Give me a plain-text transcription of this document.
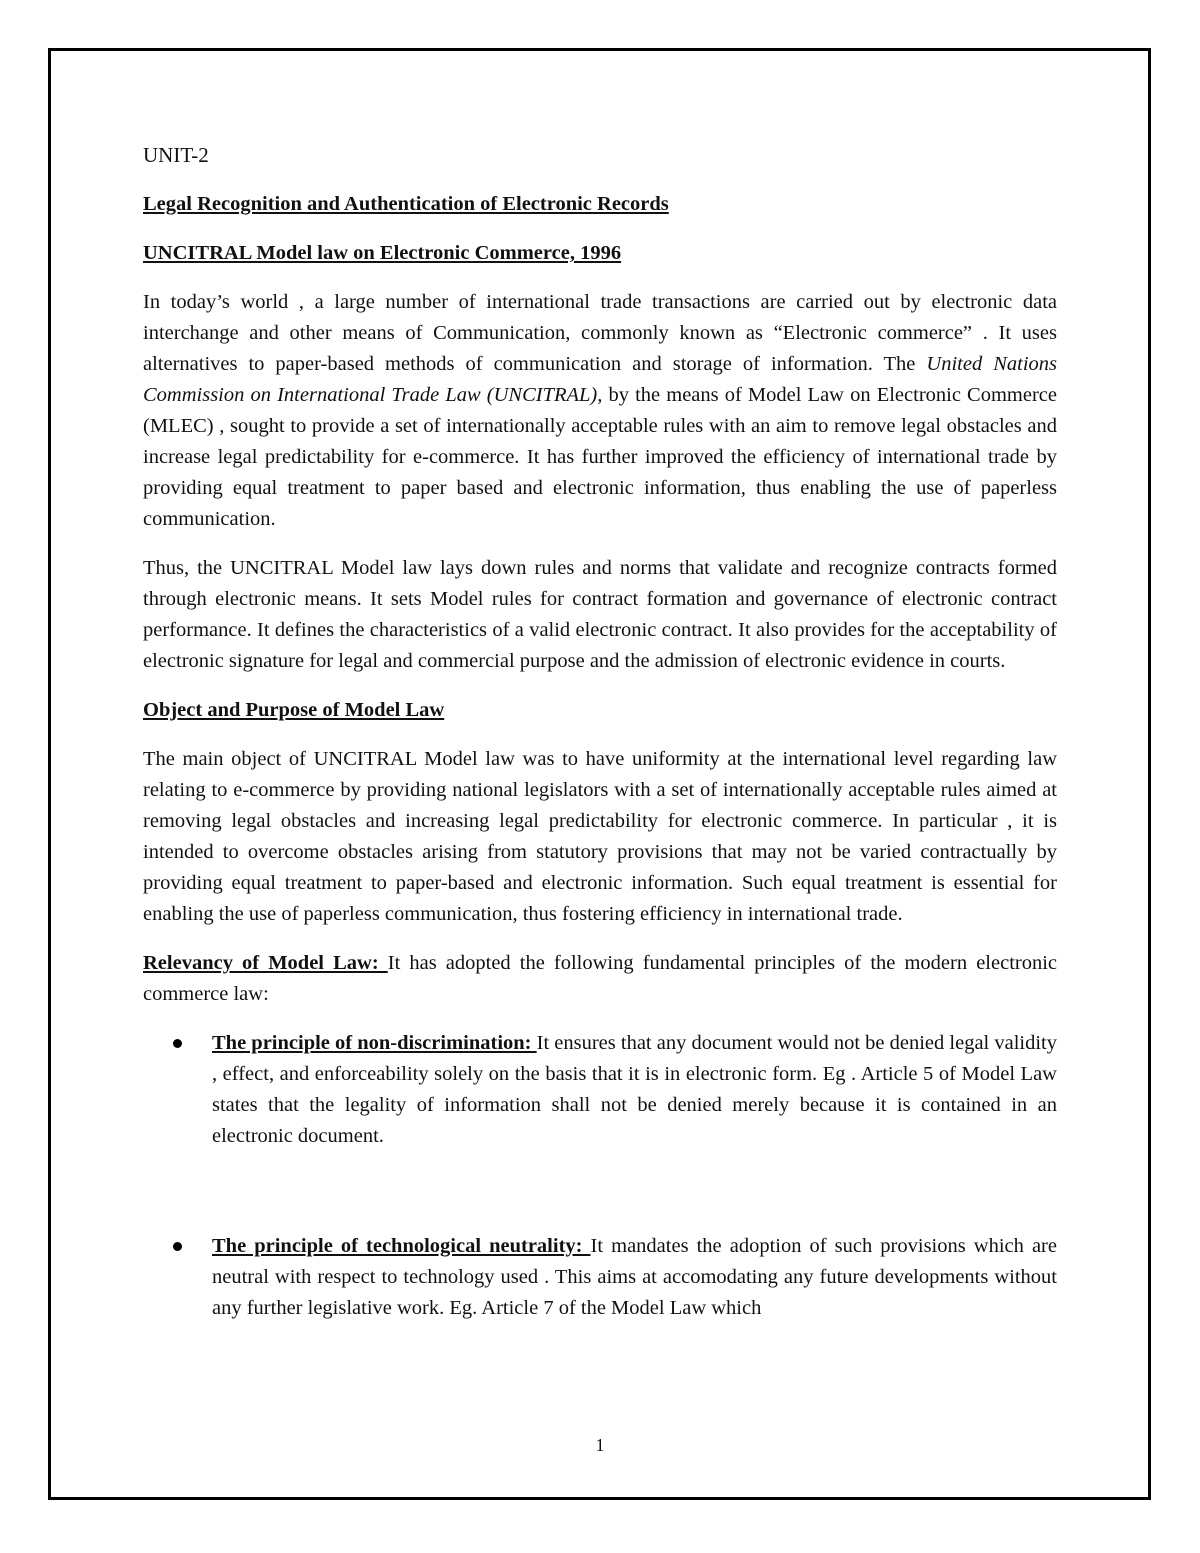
UNIT-2
Legal Recognition and Authentication of Electronic Records
UNCITRAL Model law on Electronic Commerce, 1996

In today’s world , a large number of international trade transactions are carried out by electronic data interchange and other means of Communication, commonly known as “Electronic commerce” . It uses alternatives to paper-based methods of communication and storage of information. The United Nations Commission on International Trade Law (UNCITRAL), by the means of Model Law on Electronic Commerce (MLEC) , sought to provide a set of internationally acceptable rules with an aim to remove legal obstacles and increase legal predictability for e-commerce. It has further improved the efficiency of international trade by providing equal treatment to paper based and electronic information, thus enabling the use of paperless communication.

Thus, the UNCITRAL Model law lays down rules and norms that validate and recognize contracts formed through electronic means. It sets Model rules for contract formation and governance of electronic contract performance. It defines the characteristics of a valid electronic contract. It also provides for the acceptability of electronic signature for legal and commercial purpose and the admission of electronic evidence in courts.

Object and Purpose of Model Law

The main object of UNCITRAL Model law was to have uniformity at the international level regarding law relating to e-commerce by providing national legislators with a set of internationally acceptable rules aimed at removing legal obstacles and increasing legal predictability for electronic commerce. In particular , it is intended to overcome obstacles arising from statutory provisions that may not be varied contractually by providing equal treatment to paper-based and electronic information. Such equal treatment is essential for enabling the use of paperless communication, thus fostering efficiency in international trade.

Relevancy of Model Law: It has adopted the following fundamental principles of the modern electronic commerce law:

The principle of non-discrimination: It ensures that any document would not be denied legal validity , effect, and enforceability solely on the basis that it is in electronic form. Eg . Article 5 of Model Law states that the legality of information shall not be denied merely because it is contained in an electronic document.
The principle of technological neutrality: It mandates the adoption of such provisions which are neutral with respect to technology used . This aims at accomodating any future developments without any further legislative work. Eg. Article 7 of the Model Law which
1
